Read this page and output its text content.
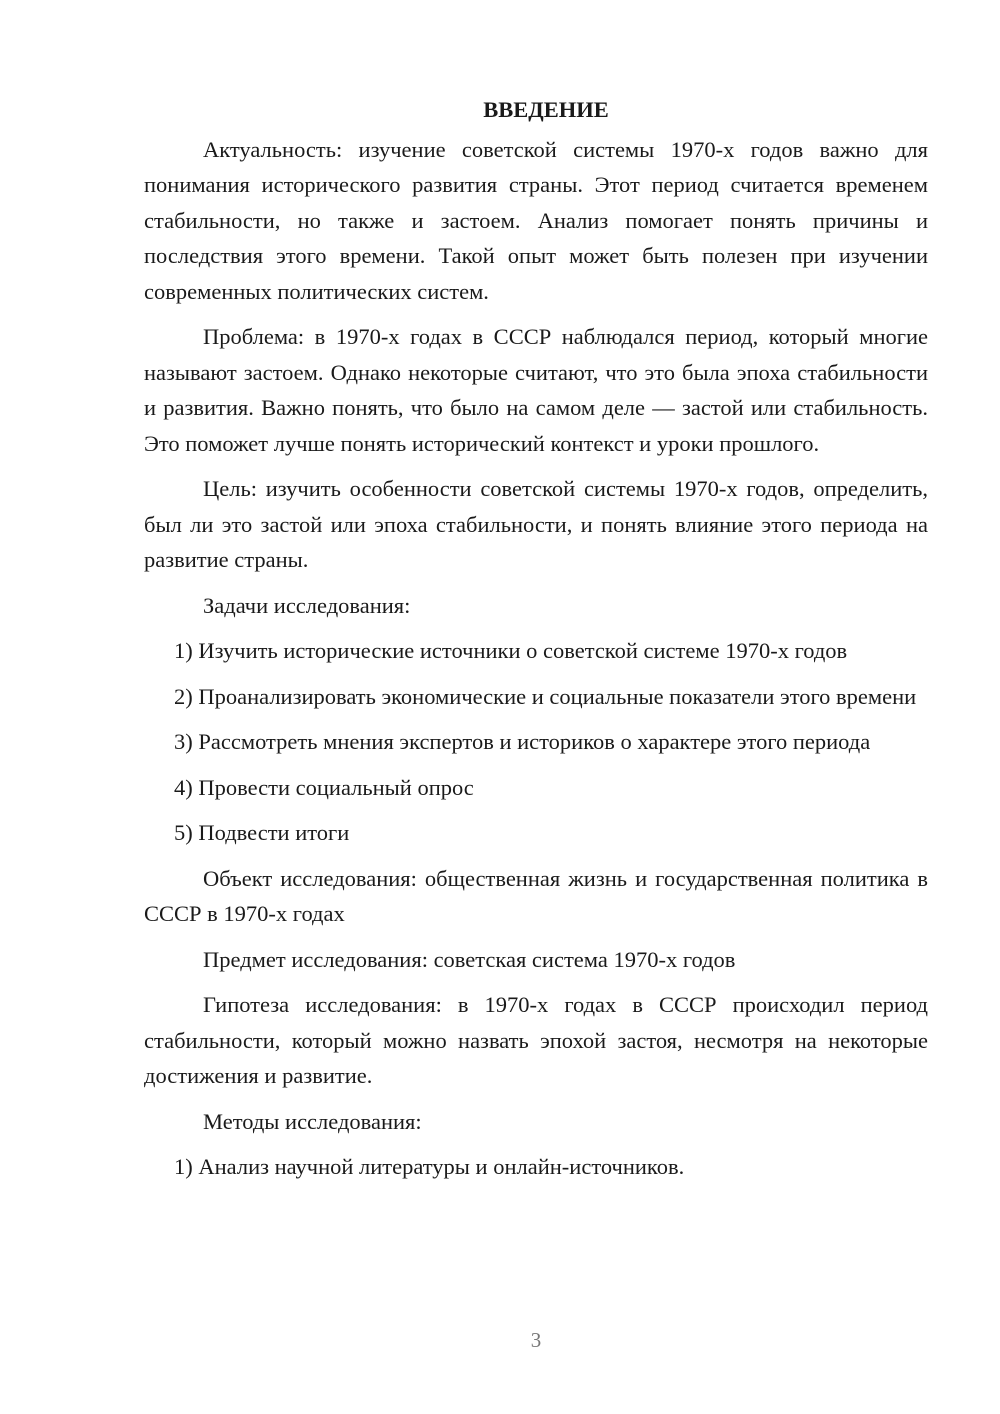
ВВЕДЕНИЕ

Актуальность: изучение советской системы 1970-х годов важно для понимания исторического развития страны. Этот период считается временем стабильности, но также и застоем. Анализ помогает понять причины и последствия этого времени. Такой опыт может быть полезен при изучении современных политических систем.

Проблема: в 1970-х годах в СССР наблюдался период, который многие называют застоем. Однако некоторые считают, что это была эпоха стабильности и развития. Важно понять, что было на самом деле — застой или стабильность. Это поможет лучше понять исторический контекст и уроки прошлого.

Цель: изучить особенности советской системы 1970-х годов, определить, был ли это застой или эпоха стабильности, и понять влияние этого периода на развитие страны.

Задачи исследования:

1) Изучить исторические источники о советской системе 1970-х годов

2) Проанализировать экономические и социальные показатели этого времени

3) Рассмотреть мнения экспертов и историков о характере этого периода

4) Провести социальный опрос

5) Подвести итоги

Объект исследования: общественная жизнь и государственная политика в СССР в 1970-х годах

Предмет исследования: советская система 1970-х годов

Гипотеза исследования: в 1970-х годах в СССР происходил период стабильности, который можно назвать эпохой застоя, несмотря на некоторые достижения и развитие.

Методы исследования:

1) Анализ научной литературы и онлайн-источников.

3
